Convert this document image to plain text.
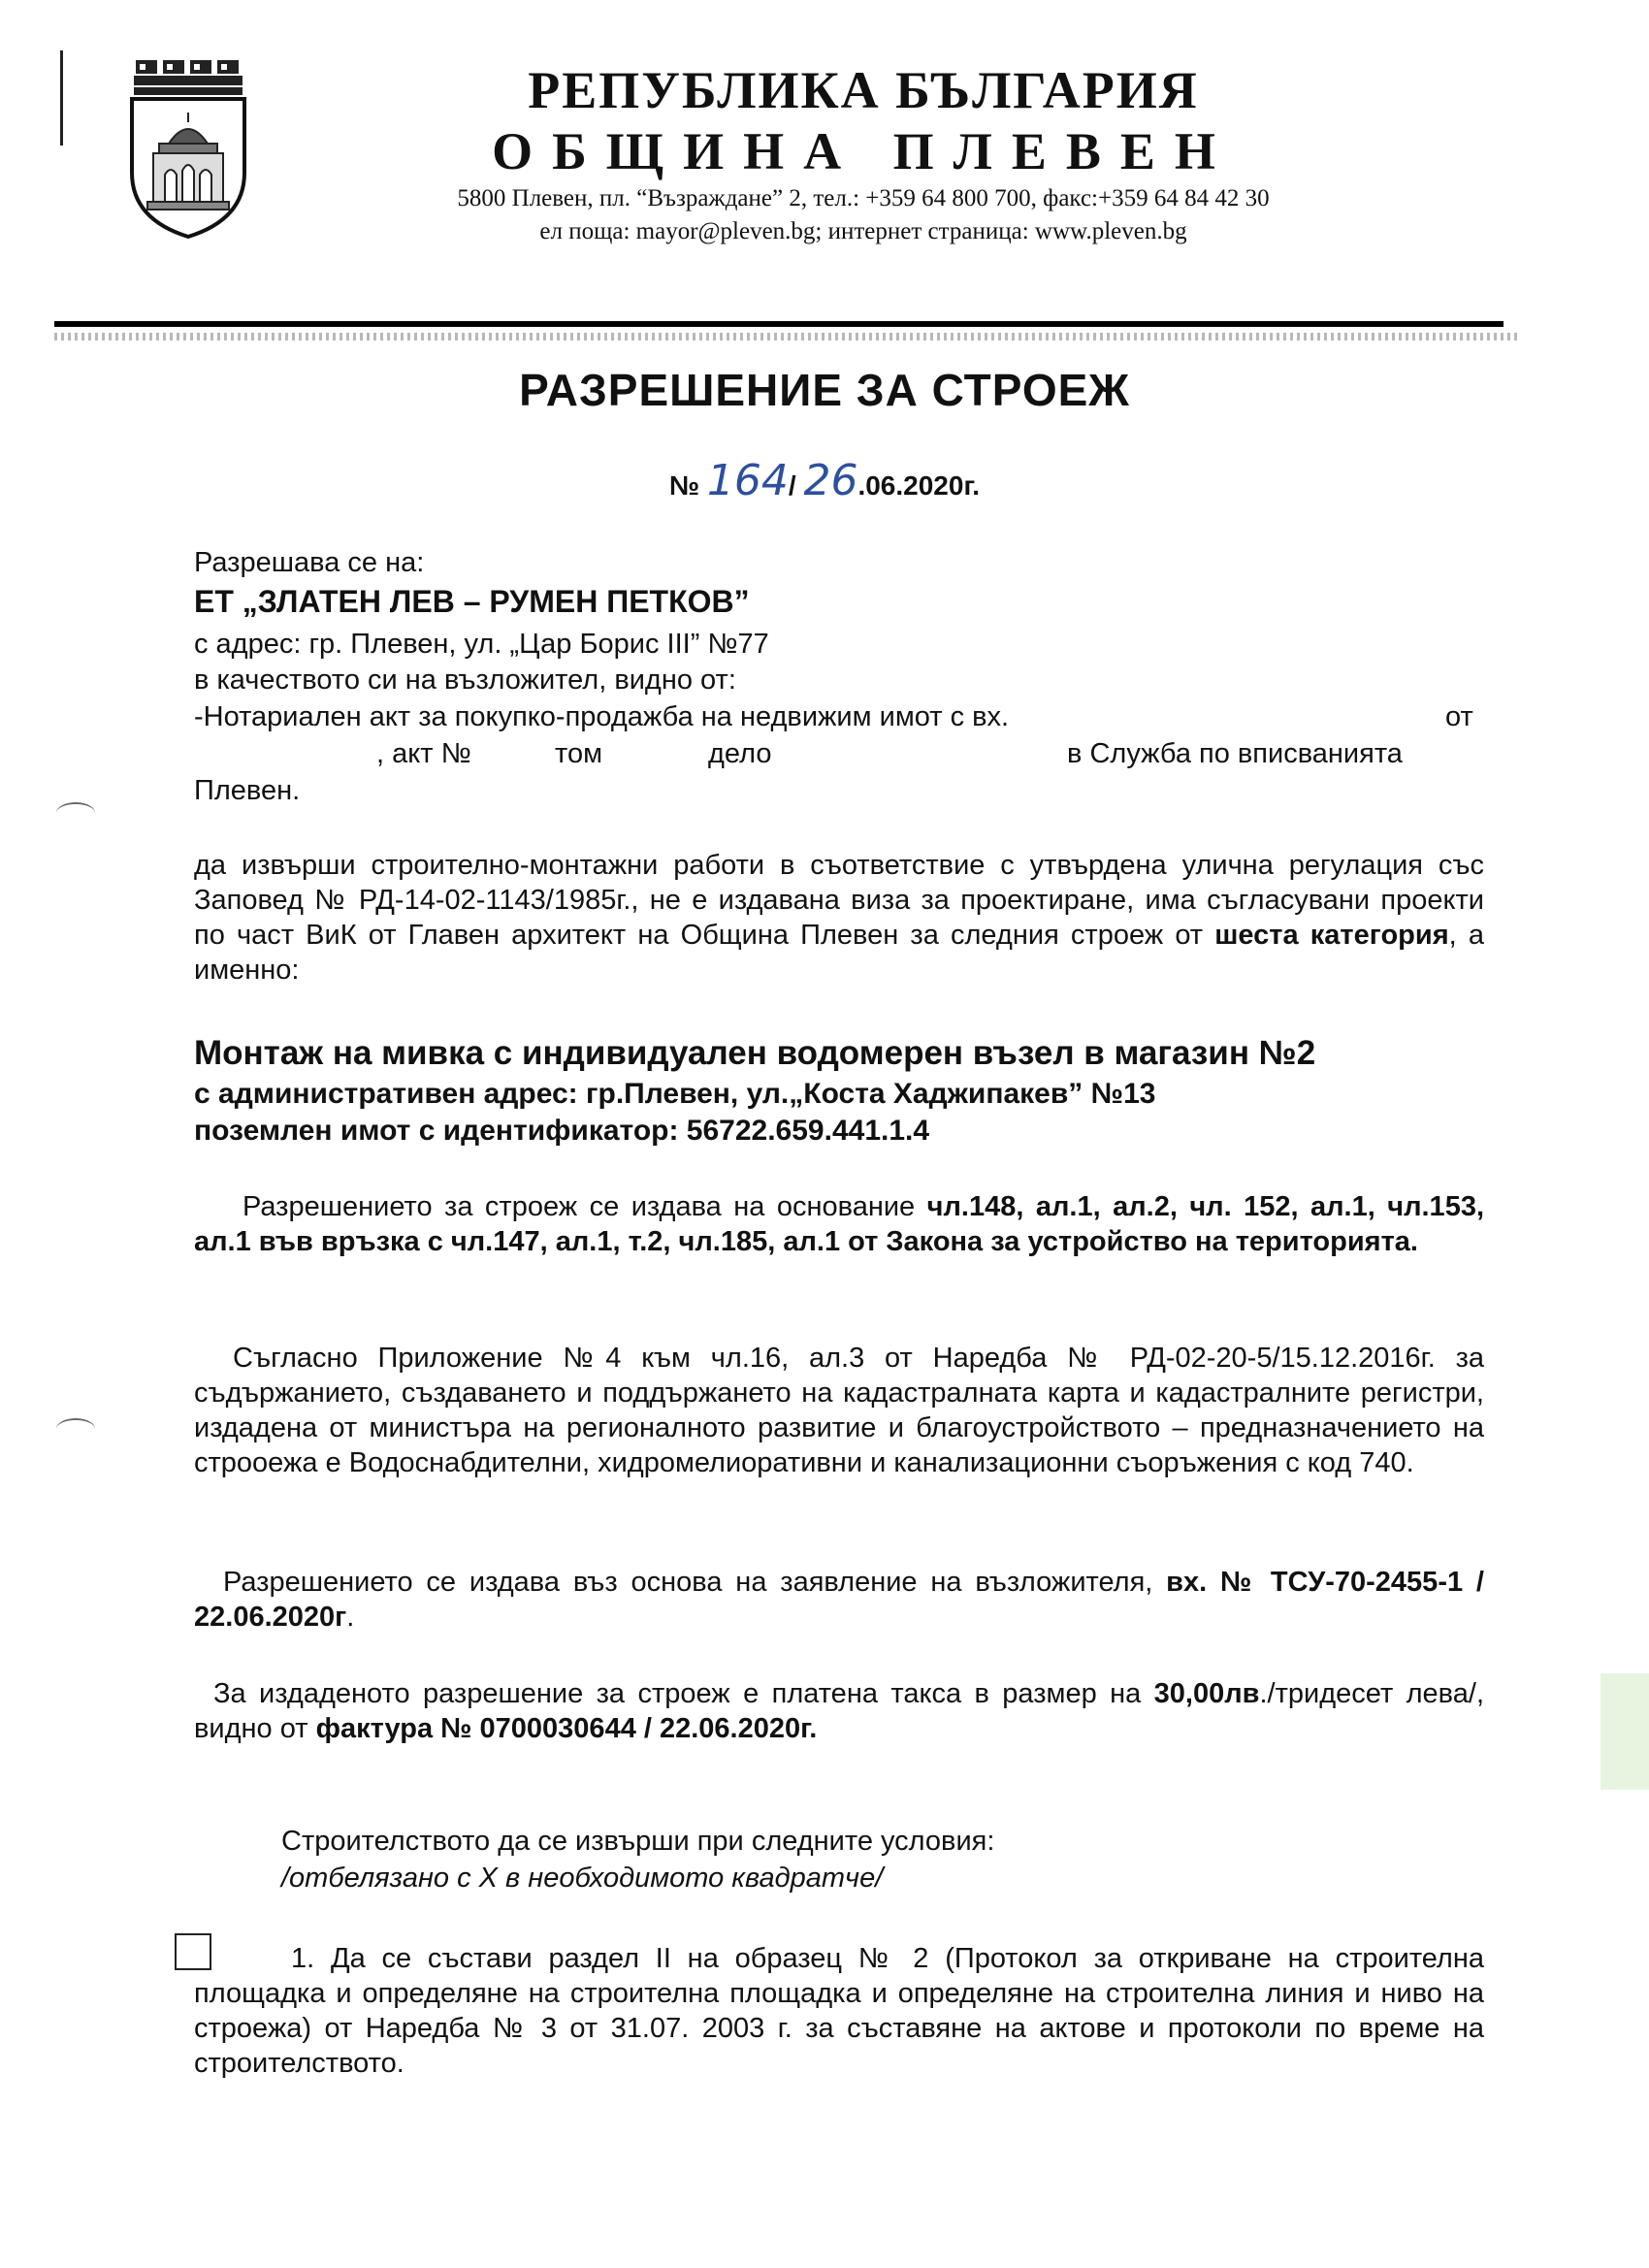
РЕПУБЛИКА БЪЛГАРИЯ
ОБЩИНА ПЛЕВЕН
5800 Плевен, пл. “Възраждане” 2, тел.: +359 64 800 700, факс:+359 64 84 42 30
ел поща: mayor@pleven.bg; интернет страница: www.pleven.bg
РАЗРЕШЕНИЕ ЗА СТРОЕЖ
№ 164/ 26.06.2020г.
Разрешава се на:
ЕТ „ЗЛАТЕН ЛЕВ – РУМЕН ПЕТКОВ”
с адрес: гр. Плевен, ул. „Цар Борис III” №77
в качеството си на възложител, видно от:
-Нотариален акт за покупко-продажба на недвижим имот с вх.	от
, акт №	том	дело	в Служба по вписванията
Плевен.
да извърши строително-монтажни работи в съответствие с утвърдена улична регулация със Заповед № РД-14-02-1143/1985г., не е издавана виза за проектиране, има съгласувани проекти по част ВиК от Главен архитект на Община Плевен за следния строеж от шеста категория, а именно:
Монтаж на мивка с индивидуален водомерен възел в магазин №2
с административен адрес: гр.Плевен, ул.„Коста Хаджипакев” №13
поземлен имот с идентификатор: 56722.659.441.1.4
Разрешението за строеж се издава на основание чл.148, ал.1, ал.2, чл. 152, ал.1, чл.153, ал.1 във връзка с чл.147, ал.1, т.2, чл.185, ал.1 от Закона за устройство на територията.
Съгласно Приложение №4 към чл.16, ал.3 от Наредба № РД-02-20-5/15.12.2016г. за съдържанието, създаването и поддържането на кадастралната карта и кадастралните регистри, издадена от министъра на регионалното развитие и благоустройството – предназначението на строоежа е Водоснабдителни, хидромелиоративни и канализационни съоръжения с код 740.
Разрешението се издава въз основа на заявление на възложителя, вх. № ТСУ-70-2455-1 / 22.06.2020г.
За издаденото разрешение за строеж е платена такса в размер на 30,00лв./тридесет лева/, видно от фактура № 0700030644 / 22.06.2020г.
Строителството да се извърши при следните условия:
/отбелязано с Х в необходимото квадратче/
1. Да се състави раздел II на образец № 2 (Протокол за откриване на строителна площадка и определяне на строителна площадка и определяне на строителна линия и ниво на строежа) от Наредба № 3 от 31.07. 2003 г. за съставяне на актове и протоколи по време на строителството.
